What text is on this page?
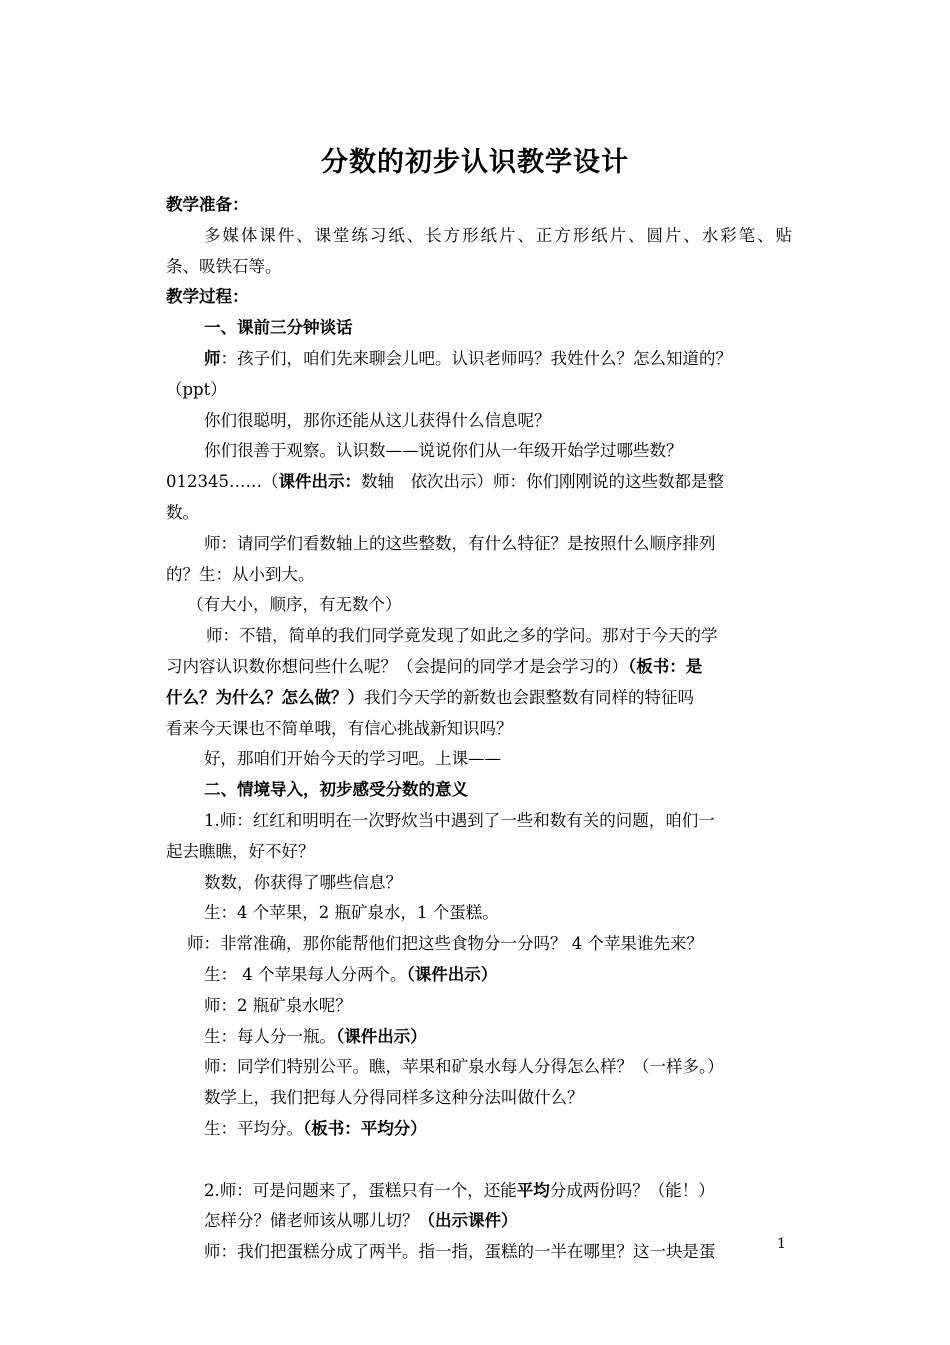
分数的初步认识教学设计
教学准备：
多媒体课件、课堂练习纸、长方形纸片、正方形纸片、圆片、水彩笔、贴
条、吸铁石等。
教学过程：
一、课前三分钟谈话
师：孩子们，咱们先来聊会儿吧。认识老师吗？我姓什么？怎么知道的？
（ppt）
你们很聪明，那你还能从这儿获得什么信息呢？
你们很善于观察。认识数——说说你们从一年级开始学过哪些数？
012345……（课件出示：数轴　依次出示）师：你们刚刚说的这些数都是整
数。
师：请同学们看数轴上的这些整数，有什么特征？是按照什么顺序排列
的？生：从小到大。
（有大小，顺序，有无数个）
师：不错，简单的我们同学竟发现了如此之多的学问。那对于今天的学
习内容认识数你想问些什么呢？（会提问的同学才是会学习的）（板书：是
什么？为什么？怎么做？）我们今天学的新数也会跟整数有同样的特征吗
看来今天课也不简单哦，有信心挑战新知识吗？
好，那咱们开始今天的学习吧。上课——
二、情境导入，初步感受分数的意义
1.师：红红和明明在一次野炊当中遇到了一些和数有关的问题，咱们一
起去瞧瞧，好不好？
数数，你获得了哪些信息？
生：4 个苹果，2 瓶矿泉水，1 个蛋糕。
师：非常准确，那你能帮他们把这些食物分一分吗？ 4 个苹果谁先来？
生： 4 个苹果每人分两个。（课件出示）
师：2 瓶矿泉水呢？
生：每人分一瓶。（课件出示）
师：同学们特别公平。瞧，苹果和矿泉水每人分得怎么样？（一样多。）
数学上，我们把每人分得同样多这种分法叫做什么？
生：平均分。（板书：平均分）
2.师：可是问题来了，蛋糕只有一个，还能平均分成两份吗？（能！）
怎样分？储老师该从哪儿切？（出示课件）
师：我们把蛋糕分成了两半。指一指，蛋糕的一半在哪里？这一块是蛋	1
